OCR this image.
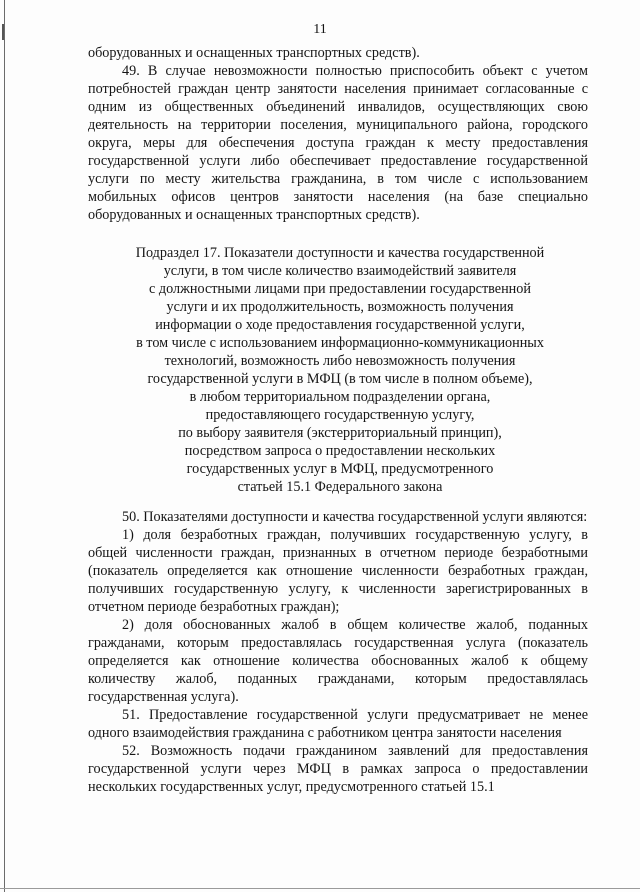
11

оборудованных и оснащенных транспортных средств).

49. В случае невозможности полностью приспособить объект с учетом потребностей граждан центр занятости населения принимает согласованные с одним из общественных объединений инвалидов, осуществляющих свою деятельность на территории поселения, муниципального района, городского округа, меры для обеспечения доступа граждан к месту предоставления государственной услуги либо обеспечивает предоставление государственной услуги по месту жительства гражданина, в том числе с использованием мобильных офисов центров занятости населения (на базе специально оборудованных и оснащенных транспортных средств).

Подраздел 17. Показатели доступности и качества государственной
услуги, в том числе количество взаимодействий заявителя
с должностными лицами при предоставлении государственной
услуги и их продолжительность, возможность получения
информации о ходе предоставления государственной услуги,
в том числе с использованием информационно-коммуникационных
технологий, возможность либо невозможность получения
государственной услуги в МФЦ (в том числе в полном объеме),
в любом территориальном подразделении органа,
предоставляющего государственную услугу,
по выбору заявителя (экстерриториальный принцип),
посредством запроса о предоставлении нескольких
государственных услуг в МФЦ, предусмотренного
статьей 15.1 Федерального закона

50. Показателями доступности и качества государственной услуги являются:

1) доля безработных граждан, получивших государственную услугу, в общей численности граждан, признанных в отчетном периоде безработными (показатель определяется как отношение численности безработных граждан, получивших государственную услугу, к численности зарегистрированных в отчетном периоде безработных граждан);

2) доля обоснованных жалоб в общем количестве жалоб, поданных гражданами, которым предоставлялась государственная услуга (показатель определяется как отношение количества обоснованных жалоб к общему количеству жалоб, поданных гражданами, которым предоставлялась государственная услуга).

51. Предоставление государственной услуги предусматривает не менее одного взаимодействия гражданина с работником центра занятости населения

52. Возможность подачи гражданином заявлений для предоставления государственной услуги через МФЦ в рамках запроса о предоставлении нескольких государственных услуг, предусмотренного статьей 15.1
